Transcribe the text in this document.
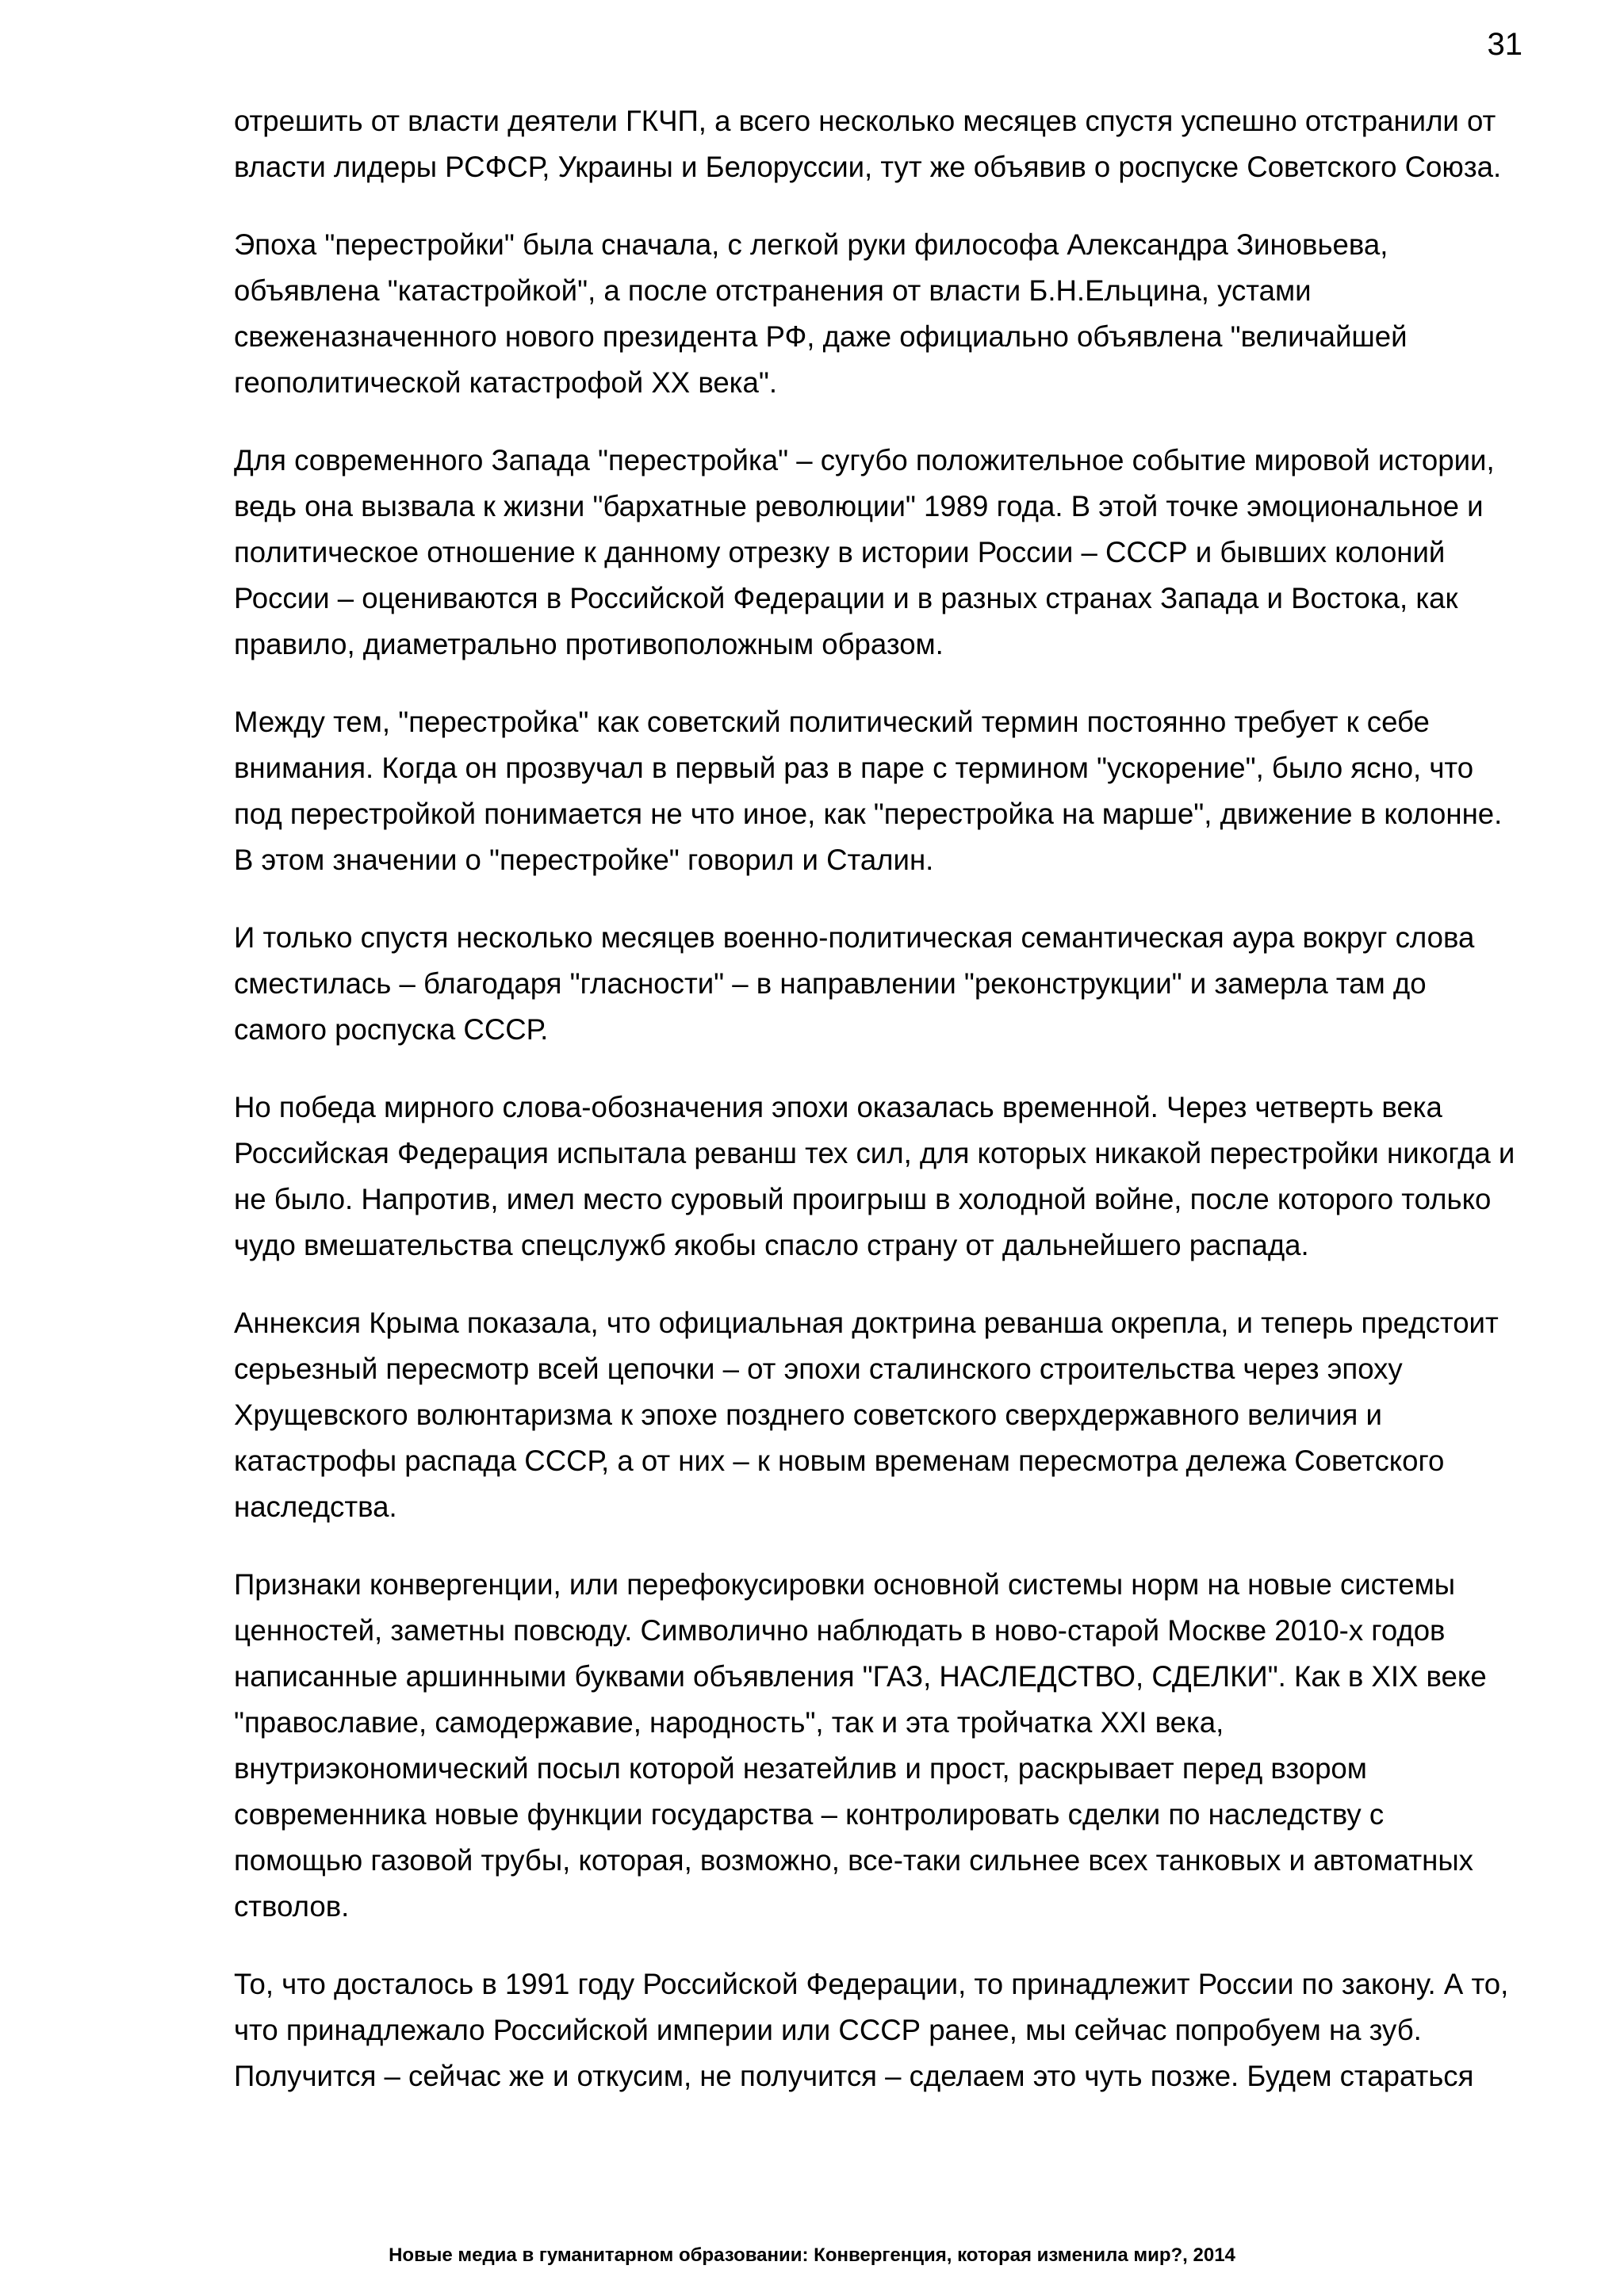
31

отрешить от власти деятели ГКЧП, а всего несколько месяцев спустя успешно отстранили от власти лидеры РСФСР, Украины и Белоруссии, тут же объявив о роспуске Советского Союза.

Эпоха "перестройки" была сначала, с легкой руки философа Александра Зиновьева, объявлена "катастройкой", а после отстранения от власти Б.Н.Ельцина, устами свеженазначенного нового президента РФ, даже официально объявлена "величайшей геополитической катастрофой XX века".

Для современного Запада "перестройка" – сугубо положительное событие мировой истории, ведь она вызвала к жизни "бархатные революции" 1989 года. В этой точке эмоциональное и политическое отношение к данному отрезку в истории России – СССР и бывших колоний России – оцениваются в Российской Федерации и в разных странах Запада и Востока, как правило, диаметрально противоположным образом.

Между тем, "перестройка" как советский политический термин постоянно требует к себе внимания. Когда он прозвучал в первый раз в паре с термином "ускорение", было ясно, что под перестройкой понимается не что иное, как "перестройка на марше", движение в колонне. В этом значении о "перестройке" говорил и Сталин.

И только спустя несколько месяцев военно-политическая семантическая аура вокруг слова сместилась – благодаря "гласности" – в направлении "реконструкции" и замерла там до самого роспуска СССР.

Но победа мирного слова-обозначения эпохи оказалась временной. Через четверть века Российская Федерация испытала реванш тех сил, для которых никакой перестройки никогда и не было. Напротив, имел место суровый проигрыш в холодной войне, после которого только чудо вмешательства спецслужб якобы спасло страну от дальнейшего распада.

Аннексия Крыма показала, что официальная доктрина реванша окрепла, и теперь предстоит серьезный пересмотр всей цепочки – от эпохи сталинского строительства через эпоху Хрущевского волюнтаризма к эпохе позднего советского сверхдержавного величия и катастрофы распада СССР, а от них – к новым временам пересмотра дележа Советского наследства.

Признаки конвергенции, или перефокусировки основной системы норм на новые системы ценностей, заметны повсюду. Символично наблюдать в ново-старой Москве 2010-х годов написанные аршинными буквами объявления "ГАЗ, НАСЛЕДСТВО, СДЕЛКИ". Как в XIX веке "православие, самодержавие, народность", так и эта тройчатка XXI века, внутриэкономический посыл которой незатейлив и прост, раскрывает перед взором современника новые функции государства – контролировать сделки по наследству с помощью газовой трубы, которая, возможно, все-таки сильнее всех танковых и автоматных стволов.

То, что досталось в 1991 году Российской Федерации, то принадлежит России по закону. А то, что принадлежало Российской империи или СССР ранее, мы сейчас попробуем на зуб. Получится – сейчас же и откусим, не получится – сделаем это чуть позже. Будем стараться

Новые медиа в гуманитарном образовании: Конвергенция, которая изменила мир?, 2014
